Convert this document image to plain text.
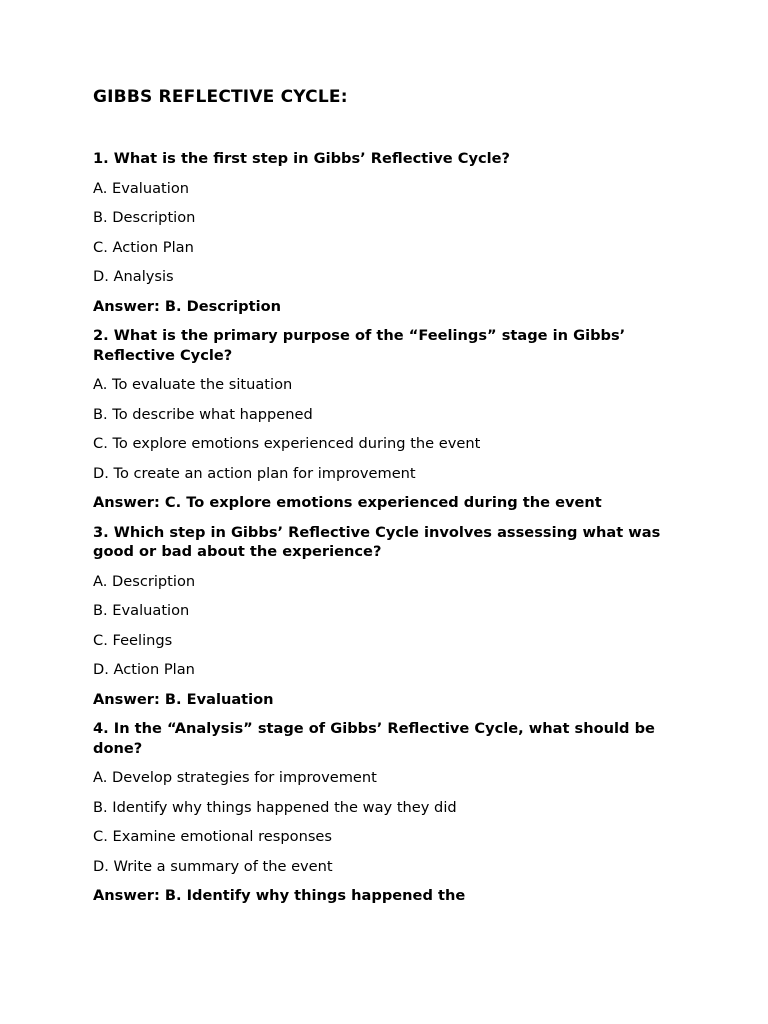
GIBBS REFLECTIVE CYCLE:
1. What is the first step in Gibbs’ Reflective Cycle?
A. Evaluation
B. Description
C. Action Plan
D. Analysis
Answer: B. Description
2. What is the primary purpose of the “Feelings” stage in Gibbs’ Reflective Cycle?
A. To evaluate the situation
B. To describe what happened
C. To explore emotions experienced during the event
D. To create an action plan for improvement
Answer: C. To explore emotions experienced during the event
3. Which step in Gibbs’ Reflective Cycle involves assessing what was good or bad about the experience?
A. Description
B. Evaluation
C. Feelings
D. Action Plan
Answer: B. Evaluation
4. In the “Analysis” stage of Gibbs’ Reflective Cycle, what should be done?
A. Develop strategies for improvement
B. Identify why things happened the way they did
C. Examine emotional responses
D. Write a summary of the event
Answer: B. Identify why things happened the
